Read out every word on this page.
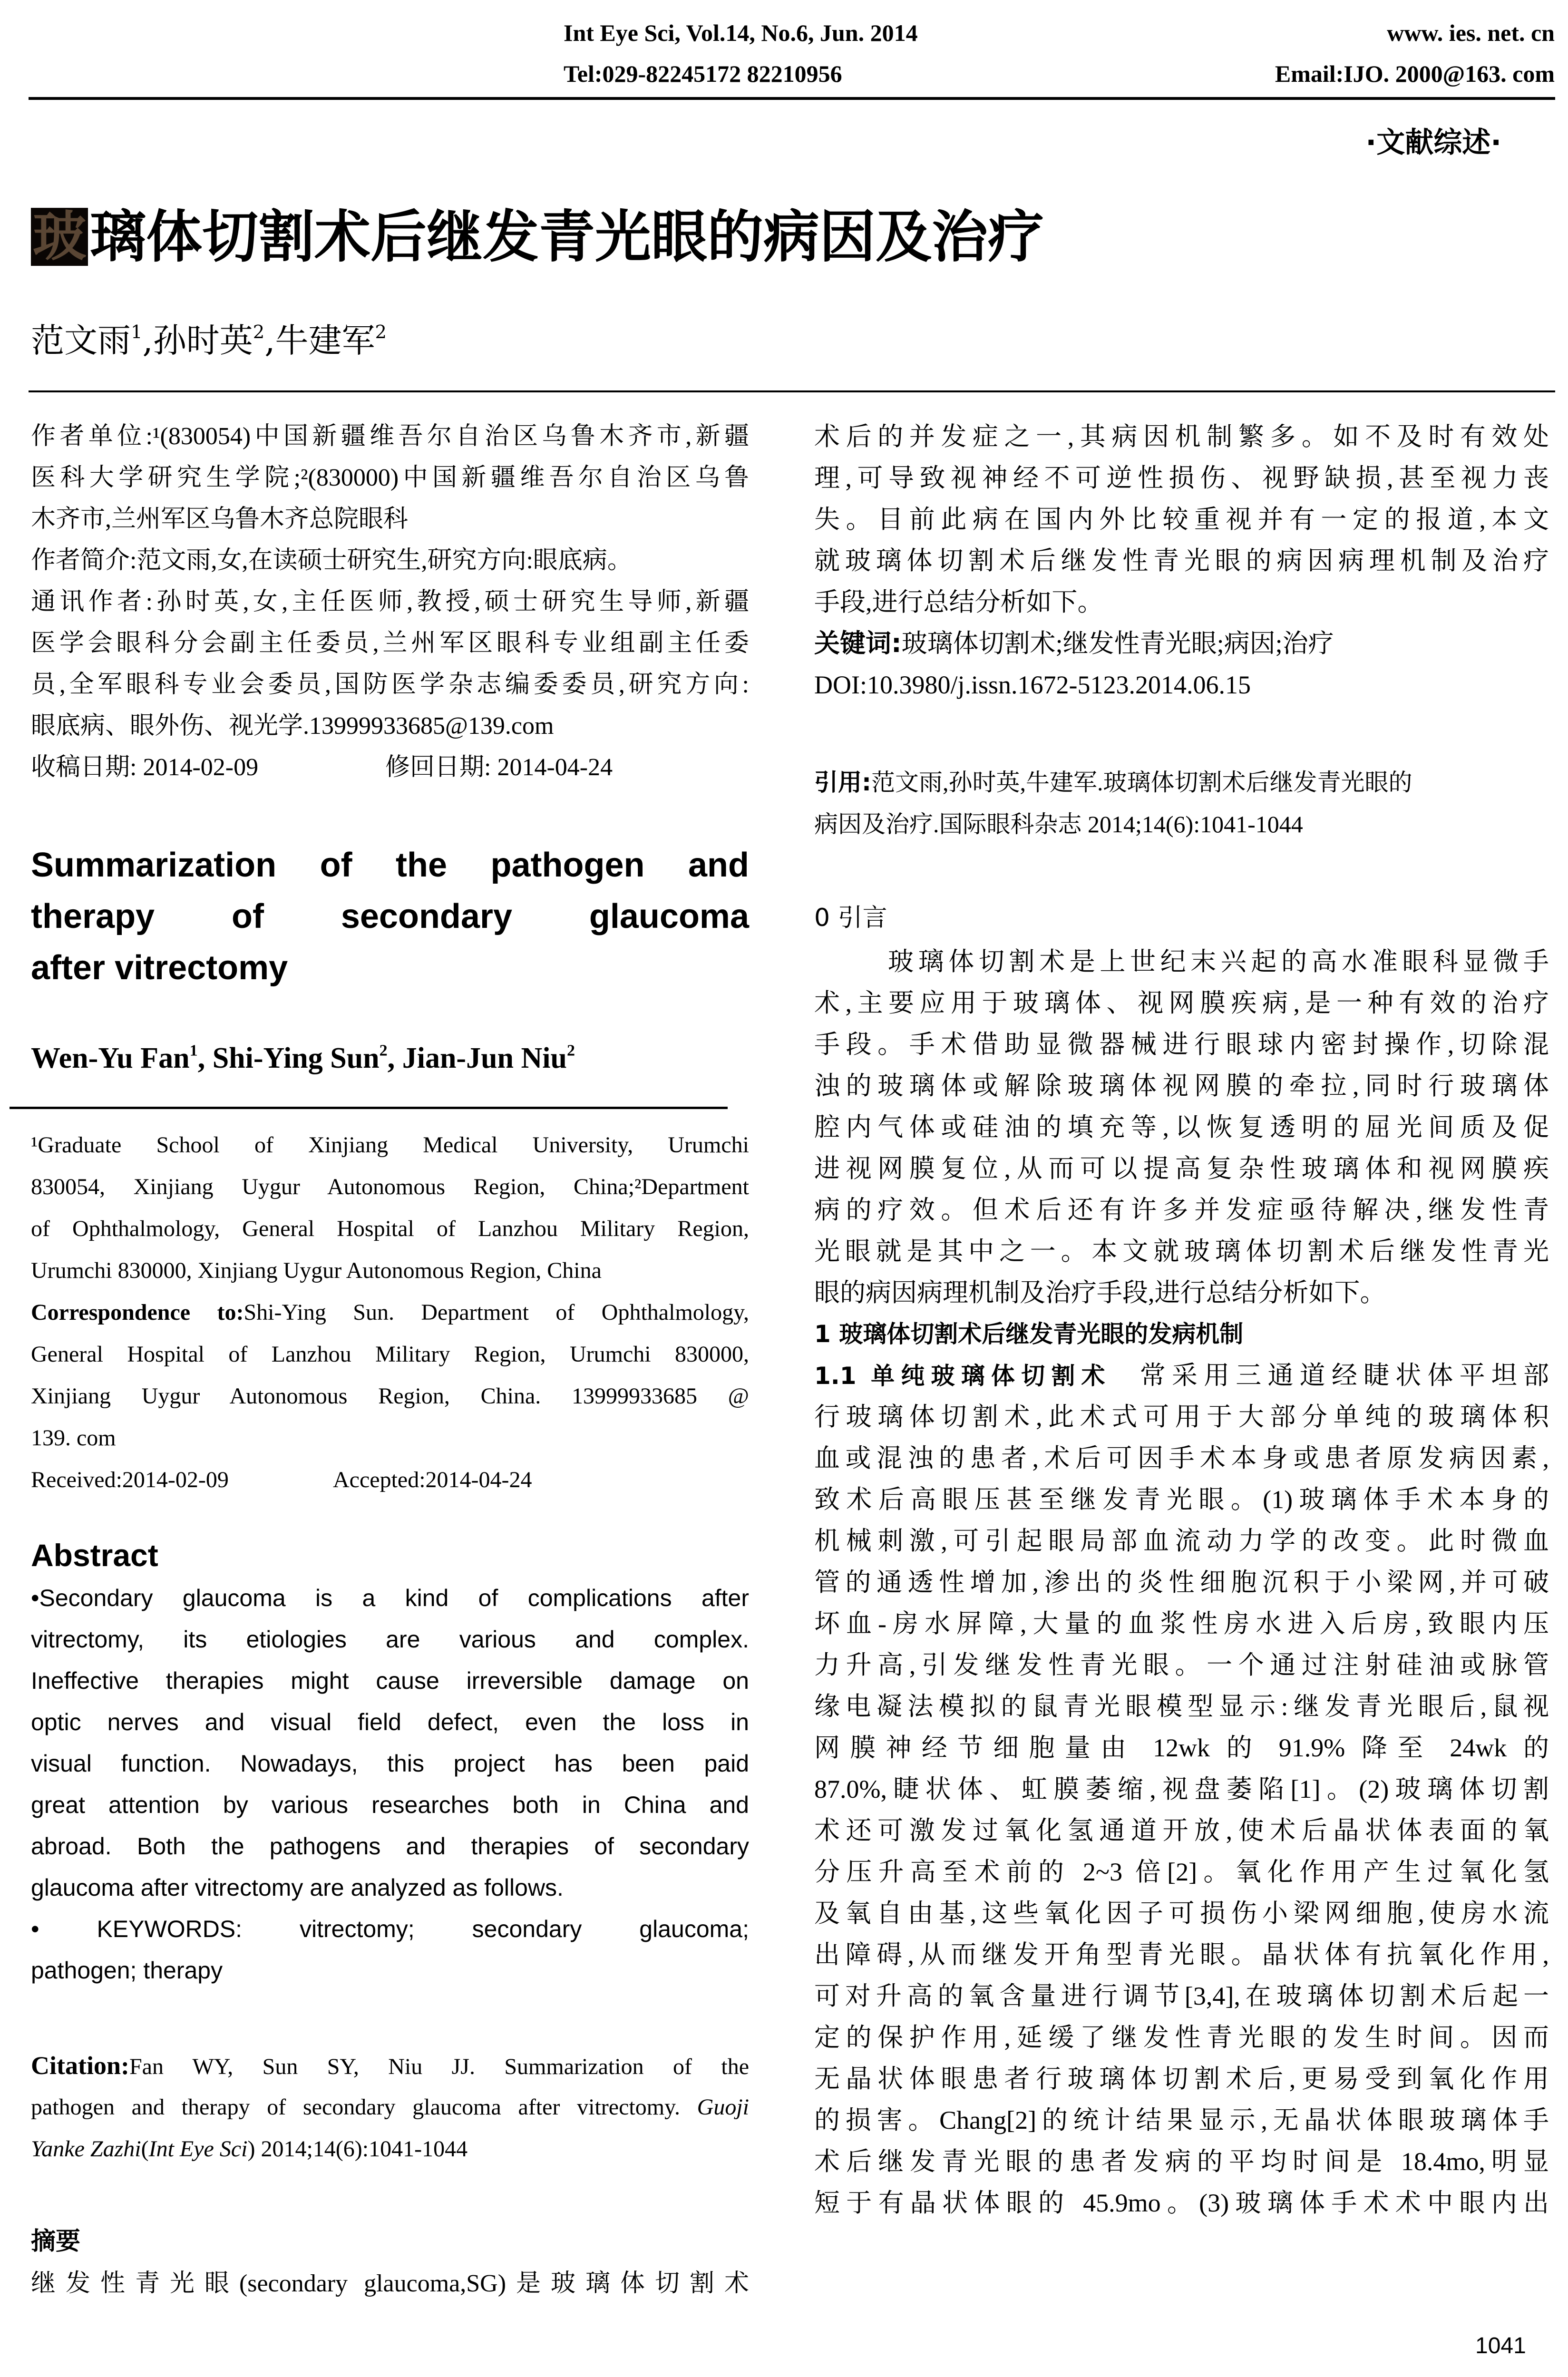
Int Eye Sci, Vol.14, No.6, Jun. 2014	www. ies. net. cn
Tel:029-82245172 82210956	Email:IJO. 2000@163. com
·文献综述·
玻璃体切割术后继发青光眼的病因及治疗
范文雨$^1$,孙时英$^2$,牛建军$^2$
作者单位:¹(830054)中国新疆维吾尔自治区乌鲁木齐市,新疆
医科大学研究生学院;²(830000)中国新疆维吾尔自治区乌鲁
木齐市,兰州军区乌鲁木齐总院眼科
作者简介:范文雨,女,在读硕士研究生,研究方向:眼底病。
通讯作者:孙时英,女,主任医师,教授,硕士研究生导师,新疆
医学会眼科分会副主任委员,兰州军区眼科专业组副主任委
员,全军眼科专业会委员,国防医学杂志编委委员,研究方向:
眼底病、眼外伤、视光学.13999933685@139.com
收稿日期: 2014-02-09	修回日期: 2014-04-24
Summarization of the pathogen and
therapy of secondary glaucoma
after vitrectomy
Wen-Yu Fan$^1$, Shi-Ying Sun$^2$, Jian-Jun Niu$^2$
¹Graduate School of Xinjiang Medical University, Urumchi
830054, Xinjiang Uygur Autonomous Region, China;²Department
of Ophthalmology, General Hospital of Lanzhou Military Region,
Urumchi 830000, Xinjiang Uygur Autonomous Region, China
Correspondence to:Shi-Ying Sun. Department of Ophthalmology,
General Hospital of Lanzhou Military Region, Urumchi 830000,
Xinjiang Uygur Autonomous Region, China. 13999933685 @
139. com
Received:2014-02-09	Accepted:2014-04-24
Abstract
•Secondary glaucoma is a kind of complications after
vitrectomy, its etiologies are various and complex.
Ineffective therapies might cause irreversible damage on
optic nerves and visual field defect, even the loss in
visual function. Nowadays, this project has been paid
great attention by various researches both in China and
abroad. Both the pathogens and therapies of secondary
glaucoma after vitrectomy are analyzed as follows.
• KEYWORDS: vitrectomy; secondary glaucoma;
pathogen; therapy
Citation:Fan WY, Sun SY, Niu JJ. Summarization of the
pathogen and therapy of secondary glaucoma after vitrectomy. Guoji
Yanke Zazhi(Int Eye Sci) 2014;14(6):1041-1044
摘要
继发性青光眼(secondary glaucoma,SG)是玻璃体切割术
术后的并发症之一,其病因机制繁多。如不及时有效处
理,可导致视神经不可逆性损伤、视野缺损,甚至视力丧
失。目前此病在国内外比较重视并有一定的报道,本文
就玻璃体切割术后继发性青光眼的病因病理机制及治疗
手段,进行总结分析如下。
关键词:玻璃体切割术;继发性青光眼;病因;治疗
DOI:10.3980/j.issn.1672-5123.2014.06.15
引用:范文雨,孙时英,牛建军.玻璃体切割术后继发青光眼的
病因及治疗.国际眼科杂志 2014;14(6):1041-1044
0 引言
玻璃体切割术是上世纪末兴起的高水准眼科显微手
术,主要应用于玻璃体、视网膜疾病,是一种有效的治疗
手段。手术借助显微器械进行眼球内密封操作,切除混
浊的玻璃体或解除玻璃体视网膜的牵拉,同时行玻璃体
腔内气体或硅油的填充等,以恢复透明的屈光间质及促
进视网膜复位,从而可以提高复杂性玻璃体和视网膜疾
病的疗效。但术后还有许多并发症亟待解决,继发性青
光眼就是其中之一。本文就玻璃体切割术后继发性青光
眼的病因病理机制及治疗手段,进行总结分析如下。
1 玻璃体切割术后继发青光眼的发病机制
1.1 单纯玻璃体切割术 常采用三通道经睫状体平坦部
行玻璃体切割术,此术式可用于大部分单纯的玻璃体积
血或混浊的患者,术后可因手术本身或患者原发病因素,
致术后高眼压甚至继发青光眼。(1)玻璃体手术本身的
机械刺激,可引起眼局部血流动力学的改变。此时微血
管的通透性增加,渗出的炎性细胞沉积于小梁网,并可破
坏血-房水屏障,大量的血浆性房水进入后房,致眼内压
力升高,引发继发性青光眼。一个通过注射硅油或脉管
缘电凝法模拟的鼠青光眼模型显示:继发青光眼后,鼠视
网膜神经节细胞量由 12wk 的 91.9% 降至 24wk 的
87.0%,睫状体、虹膜萎缩,视盘萎陷[1]。(2)玻璃体切割
术还可激发过氧化氢通道开放,使术后晶状体表面的氧
分压升高至术前的 2~3 倍[2]。氧化作用产生过氧化氢
及氧自由基,这些氧化因子可损伤小梁网细胞,使房水流
出障碍,从而继发开角型青光眼。晶状体有抗氧化作用,
可对升高的氧含量进行调节[3,4],在玻璃体切割术后起一
定的保护作用,延缓了继发性青光眼的发生时间。因而
无晶状体眼患者行玻璃体切割术后,更易受到氧化作用
的损害。Chang[2]的统计结果显示,无晶状体眼玻璃体手
术后继发青光眼的患者发病的平均时间是 18.4mo,明显
短于有晶状体眼的 45.9mo。(3)玻璃体手术术中眼内出
1041
